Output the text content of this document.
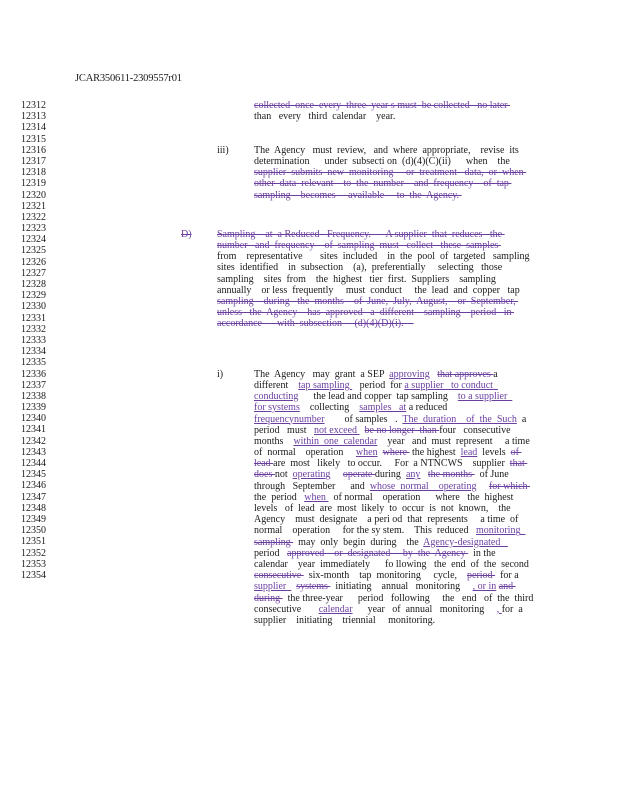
JCAR350611-2309557r01
12312
12313
12314
12315
12316
12317
12318
12319
12320
12321
12322
12323
12324
12325
12326
12327
12328
12329
12330
12331
12332
12333
12334
12335
12336
12337
12338
12339
12340
12341
12342
12343
12344
12345
12346
12347
12348
12349
12350
12351
12352
12353
12354
collected  once  every  three  year s must  be collected   no later
than   every   third  calendar    year.
iii)	The  Agency   must  review,   and  where  appropriate,    revise  its
determination      under  subsecti on  (d)(4)(C)(ii)      when    the
supplier  submits  new  monitoring     or  treatment   data,  or  when
other  data  relevant    to  the  number    and  frequency    of  tap
sampling    becomes     available     to  the  Agency.
D)	Sampling    at  a Reduced   Frequency.      A supplier  that  reduces   the
number   and  frequency    of  sampling  must   collect   these  samples
from    representative       sites  included    in  the  pool  of  targeted   sampling
sites  identified    in  subsection    (a),  preferentially     selecting   those
sampling    sites  from    the  highest   tier  first.  Suppliers    sampling
annually    or less  frequently     must  conduct     the  lead  and  copper   tap
sampling    during   the  months    of  June,  July,  August,    or  September,
unless   the  Agency    has  approved   a  different    sampling    period   in
accordance      with  subsection     (d)(4)(D)(i).
i)	The  Agency   may  grant  a SEP  approving that approves a
different    tap sampling    period  for a supplier   to conduct
conducting      the lead and copper  tap sampling    to a supplier
for systems    collecting    samples   at a reduced
frequencynumber        of samples   .  The  duration    of  the  Such  a
period   must   not exceed   be no longer  than four   consecutive
months    within  one  calendar    year   and  must  represent     a time
of  normal    operation     when where  the highest  lead  levels  of
lead are  most   likely   to occur.     For  a NTNCWS    supplier  that
does not  operating operate during  any the months   of June
through   September      and  whose  normal    operating for which
the  period   when   of normal    operation      where   the  highest
levels   of  lead  are  most  likely  to  occur  is  not  known,    the
Agency    must  designate    a peri od  that  represents     a time  of
normal    operation     for the sy stem.    This  reduced   monitoring
sampling   may  only  begin  during    the  Agency-designated
period   approved    or  designated     by  the  Agency   in the
calendar    year  immediately      fo llowing   the  end  of  the  second
consecutive   six-month    tap  monitoring     cycle,    period   for a
supplier    systems   initiating    annual   monitoring     , or in and
during   the three-year      period   following     the   end   of  the  third
consecutive       calendar      year   of  annual   monitoring     , for  a
supplier    initiating    triennial     monitoring.
